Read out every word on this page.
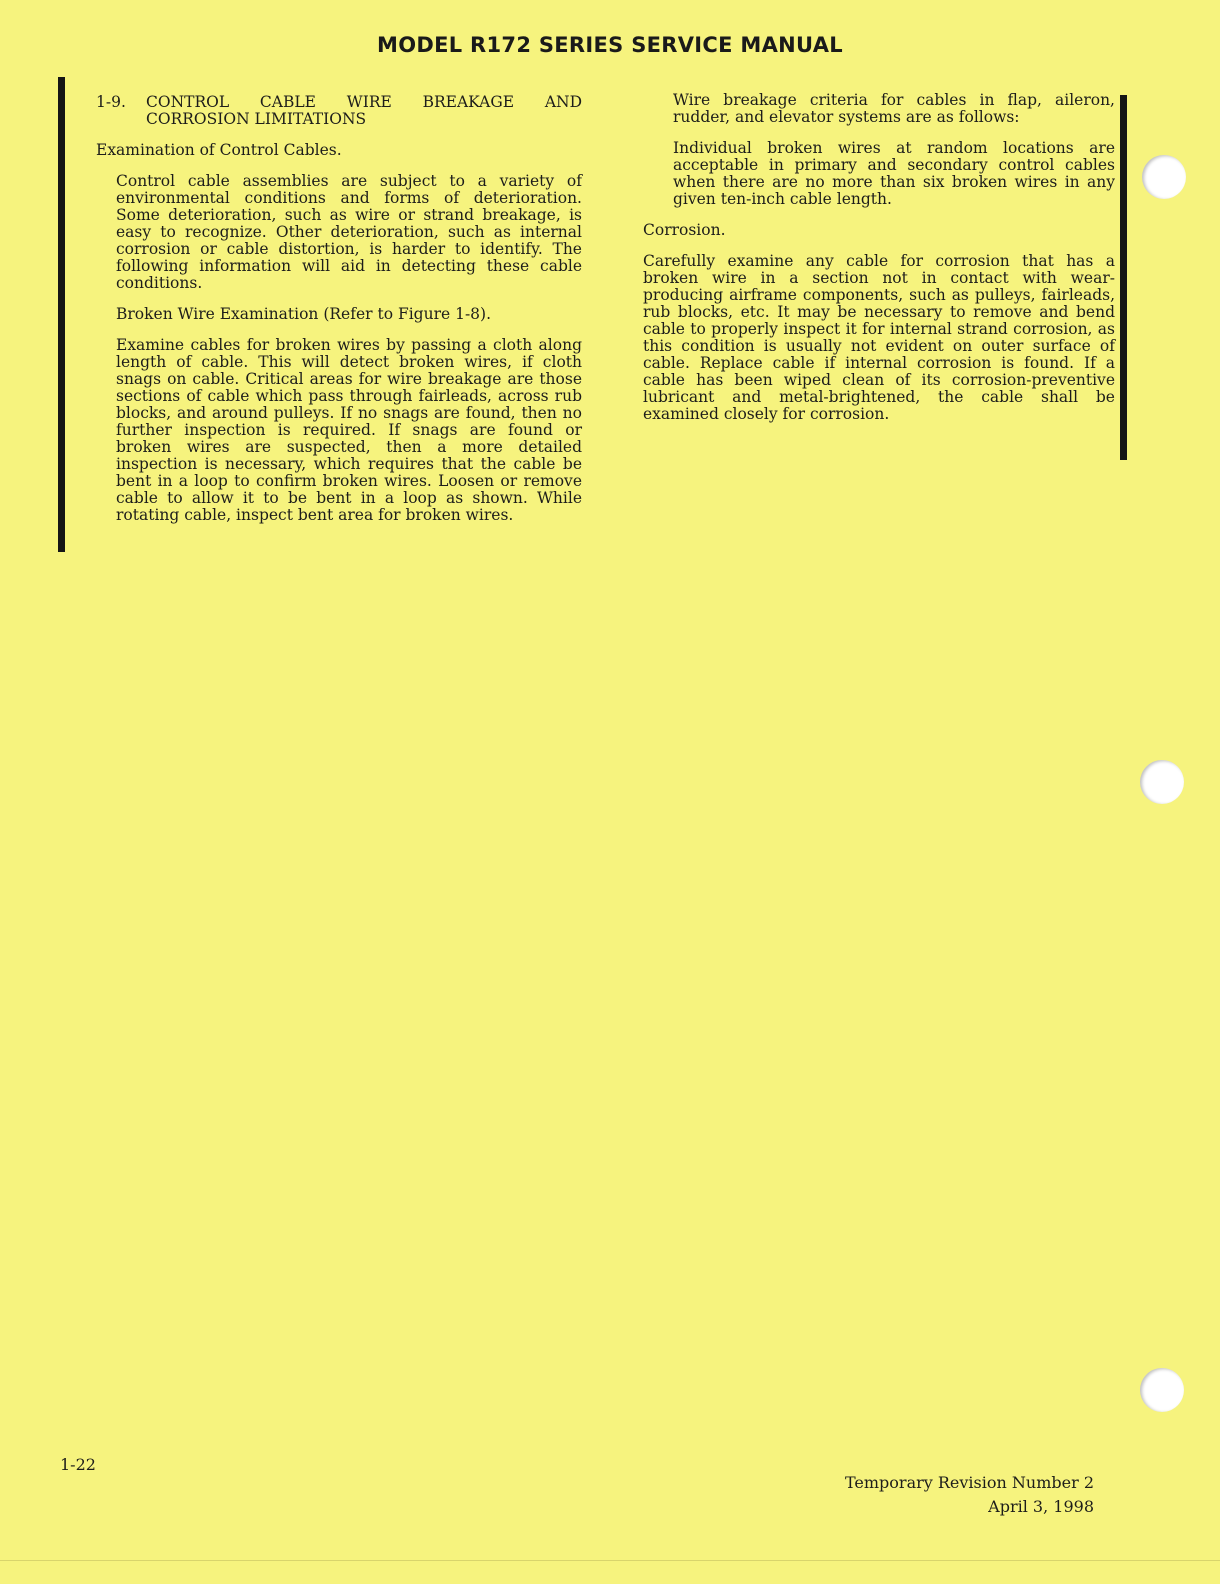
MODEL R172 SERIES SERVICE MANUAL
1-9.	CONTROL CABLE WIRE BREAKAGE AND CORROSION LIMITATIONS
Examination of Control Cables.
Control cable assemblies are subject to a variety of environmental conditions and forms of deterioration. Some deterioration, such as wire or strand breakage, is easy to recognize. Other deterioration, such as internal corrosion or cable distortion, is harder to identify. The following information will aid in detecting these cable conditions.
Broken Wire Examination (Refer to Figure 1-8).
Examine cables for broken wires by passing a cloth along length of cable. This will detect broken wires, if cloth snags on cable. Critical areas for wire breakage are those sections of cable which pass through fairleads, across rub blocks, and around pulleys. If no snags are found, then no further inspection is required. If snags are found or broken wires are suspected, then a more detailed inspection is necessary, which requires that the cable be bent in a loop to confirm broken wires. Loosen or remove cable to allow it to be bent in a loop as shown. While rotating cable, inspect bent area for broken wires.
Wire breakage criteria for cables in flap, aileron, rudder, and elevator systems are as follows:
Individual broken wires at random locations are acceptable in primary and secondary control cables when there are no more than six broken wires in any given ten-inch cable length.
Corrosion.
Carefully examine any cable for corrosion that has a broken wire in a section not in contact with wear-producing airframe components, such as pulleys, fairleads, rub blocks, etc. It may be necessary to remove and bend cable to properly inspect it for internal strand corrosion, as this condition is usually not evident on outer surface of cable. Replace cable if internal corrosion is found. If a cable has been wiped clean of its corrosion-preventive lubricant and metal-brightened, the cable shall be examined closely for corrosion.
1-22
Temporary Revision Number 2
April 3, 1998
